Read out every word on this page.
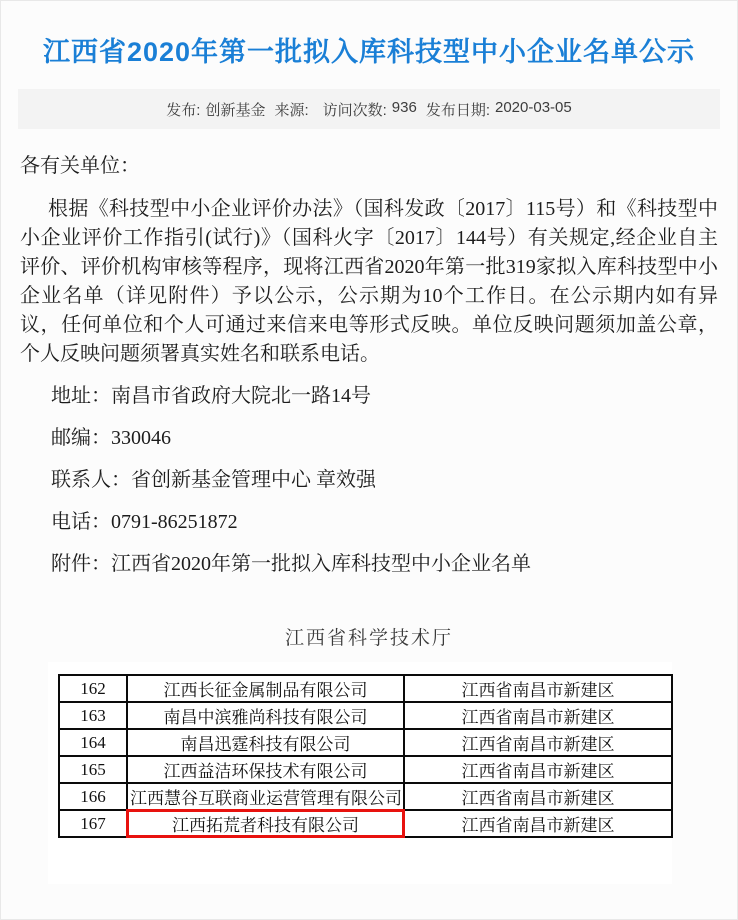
江西省2020年第一批拟入库科技型中小企业名单公示
发布: 创新基金 来源: 访问次数: 936 发布日期: 2020-03-05

各有关单位：

根据《科技型中小企业评价办法》（国科发政〔2017〕115号）和《科技型中小企业评价工作指引(试行)》（国科火字〔2017〕144号）有关规定,经企业自主评价、评价机构审核等程序，现将江西省2020年第一批319家拟入库科技型中小企业名单（详见附件）予以公示，公示期为10个工作日。在公示期内如有异议，任何单位和个人可通过来信来电等形式反映。单位反映问题须加盖公章，个人反映问题须署真实姓名和联系电话。

地址：南昌市省政府大院北一路14号

邮编：330046

联系人：省创新基金管理中心 章效强

电话：0791-86251872

附件：江西省2020年第一批拟入库科技型中小企业名单

江西省科学技术厅

162	江西长征金属制品有限公司	江西省南昌市新建区
163	南昌中滨雅尚科技有限公司	江西省南昌市新建区
164	南昌迅霆科技有限公司	江西省南昌市新建区
165	江西益洁环保技术有限公司	江西省南昌市新建区
166	江西慧谷互联商业运营管理有限公司	江西省南昌市新建区
167	江西拓荒者科技有限公司	江西省南昌市新建区
